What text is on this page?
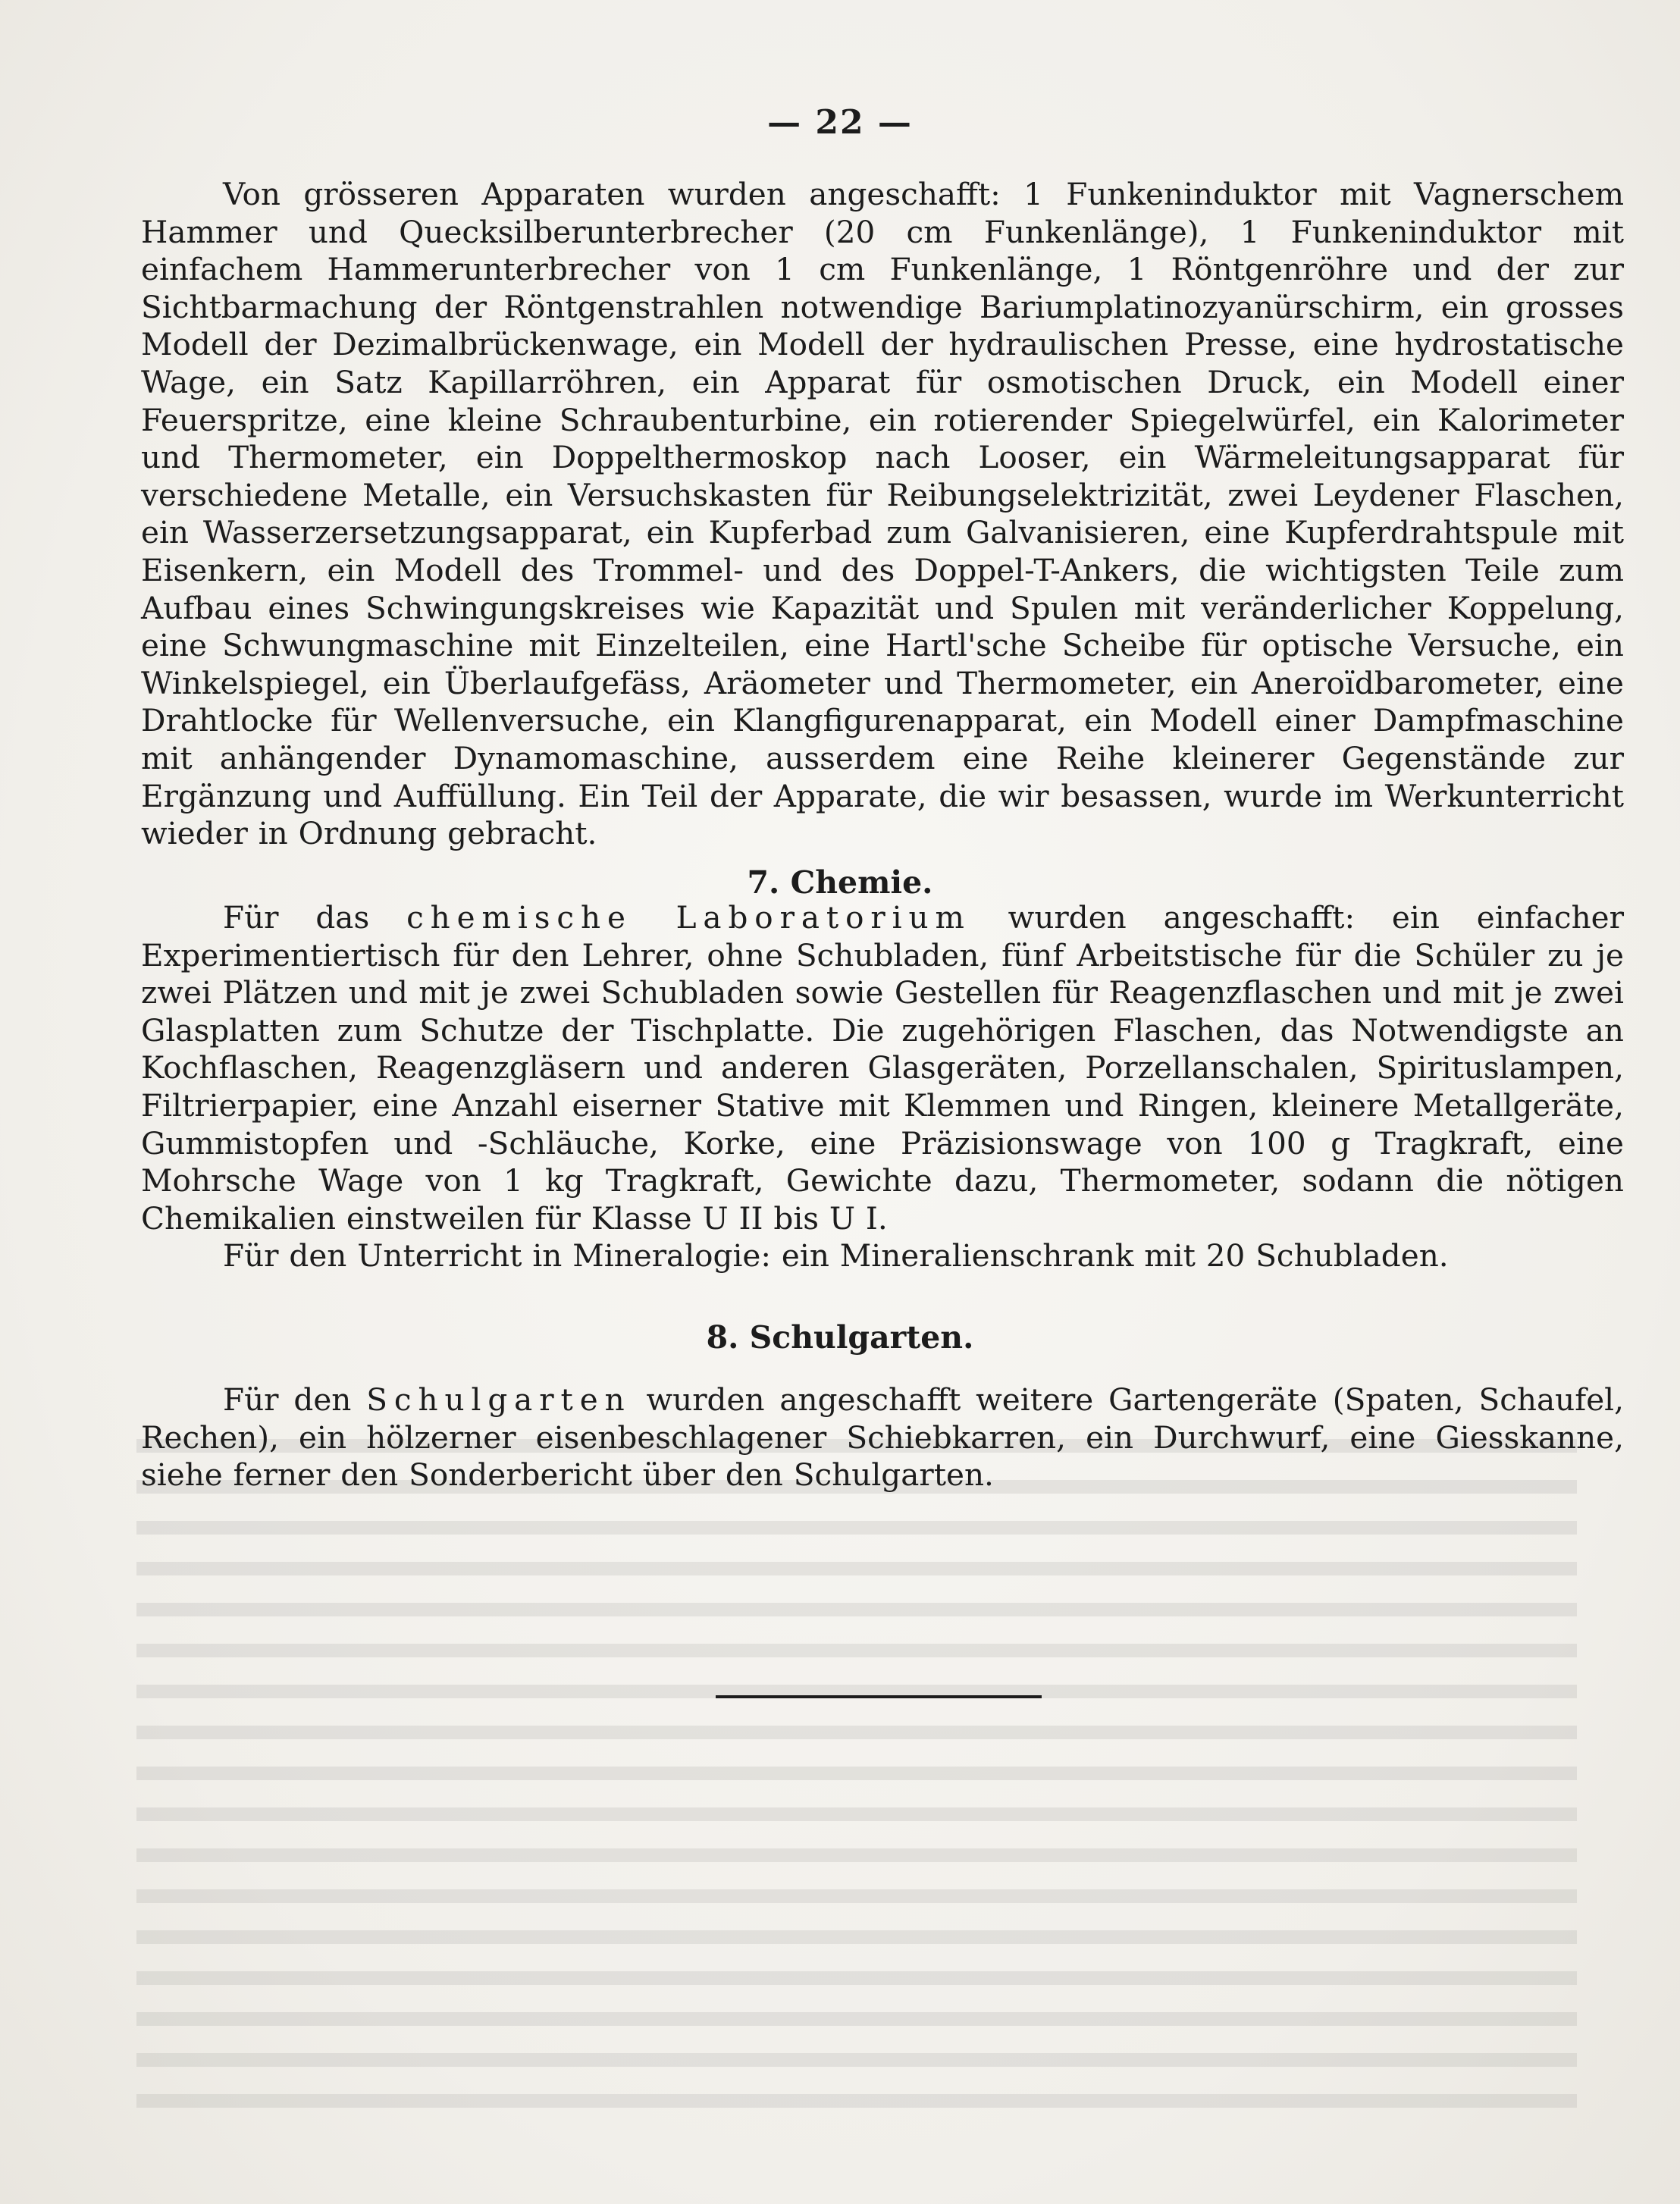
— 22 —

Von grösseren Apparaten wurden angeschafft: 1 Funkeninduktor mit Vagnerschem Hammer und Quecksilberunterbrecher (20 cm Funkenlänge), 1 Funkeninduktor mit einfachem Hammerunterbrecher von 1 cm Funkenlänge, 1 Röntgenröhre und der zur Sichtbarmachung der Röntgenstrahlen notwendige Bariumplatinozyanürschirm, ein grosses Modell der Dezimalbrückenwage, ein Modell der hydraulischen Presse, eine hydrostatische Wage, ein Satz Kapillarröhren, ein Apparat für osmotischen Druck, ein Modell einer Feuerspritze, eine kleine Schraubenturbine, ein rotierender Spiegelwürfel, ein Kalorimeter und Thermometer, ein Doppelthermoskop nach Looser, ein Wärmeleitungsapparat für verschiedene Metalle, ein Versuchskasten für Reibungselektrizität, zwei Leydener Flaschen, ein Wasserzersetzungsapparat, ein Kupferbad zum Galvanisieren, eine Kupferdrahtspule mit Eisenkern, ein Modell des Trommel- und des Doppel-T-Ankers, die wichtigsten Teile zum Aufbau eines Schwingungskreises wie Kapazität und Spulen mit veränderlicher Koppelung, eine Schwungmaschine mit Einzelteilen, eine Hartl'sche Scheibe für optische Versuche, ein Winkelspiegel, ein Überlaufgefäss, Aräometer und Thermometer, ein Aneroïdbarometer, eine Drahtlocke für Wellenversuche, ein Klangfigurenapparat, ein Modell einer Dampfmaschine mit anhängender Dynamomaschine, ausserdem eine Reihe kleinerer Gegenstände zur Ergänzung und Auffüllung. Ein Teil der Apparate, die wir besassen, wurde im Werkunterricht wieder in Ordnung gebracht.

7. Chemie.

Für das chemische Laboratorium wurden angeschafft: ein einfacher Experimentiertisch für den Lehrer, ohne Schubladen, fünf Arbeitstische für die Schüler zu je zwei Plätzen und mit je zwei Schubladen sowie Gestellen für Reagenzflaschen und mit je zwei Glasplatten zum Schutze der Tischplatte. Die zugehörigen Flaschen, das Notwendigste an Kochflaschen, Reagenzgläsern und anderen Glasgeräten, Porzellanschalen, Spirituslampen, Filtrierpapier, eine Anzahl eiserner Stative mit Klemmen und Ringen, kleinere Metallgeräte, Gummistopfen und -Schläuche, Korke, eine Präzisionswage von 100 g Tragkraft, eine Mohrsche Wage von 1 kg Tragkraft, Gewichte dazu, Thermometer, sodann die nötigen Chemikalien einstweilen für Klasse U II bis U I.

Für den Unterricht in Mineralogie: ein Mineralienschrank mit 20 Schubladen.

8. Schulgarten.

Für den Schulgarten wurden angeschafft weitere Gartengeräte (Spaten, Schaufel, Rechen), ein hölzerner eisenbeschlagener Schiebkarren, ein Durchwurf, eine Giesskanne, siehe ferner den Sonderbericht über den Schulgarten.
